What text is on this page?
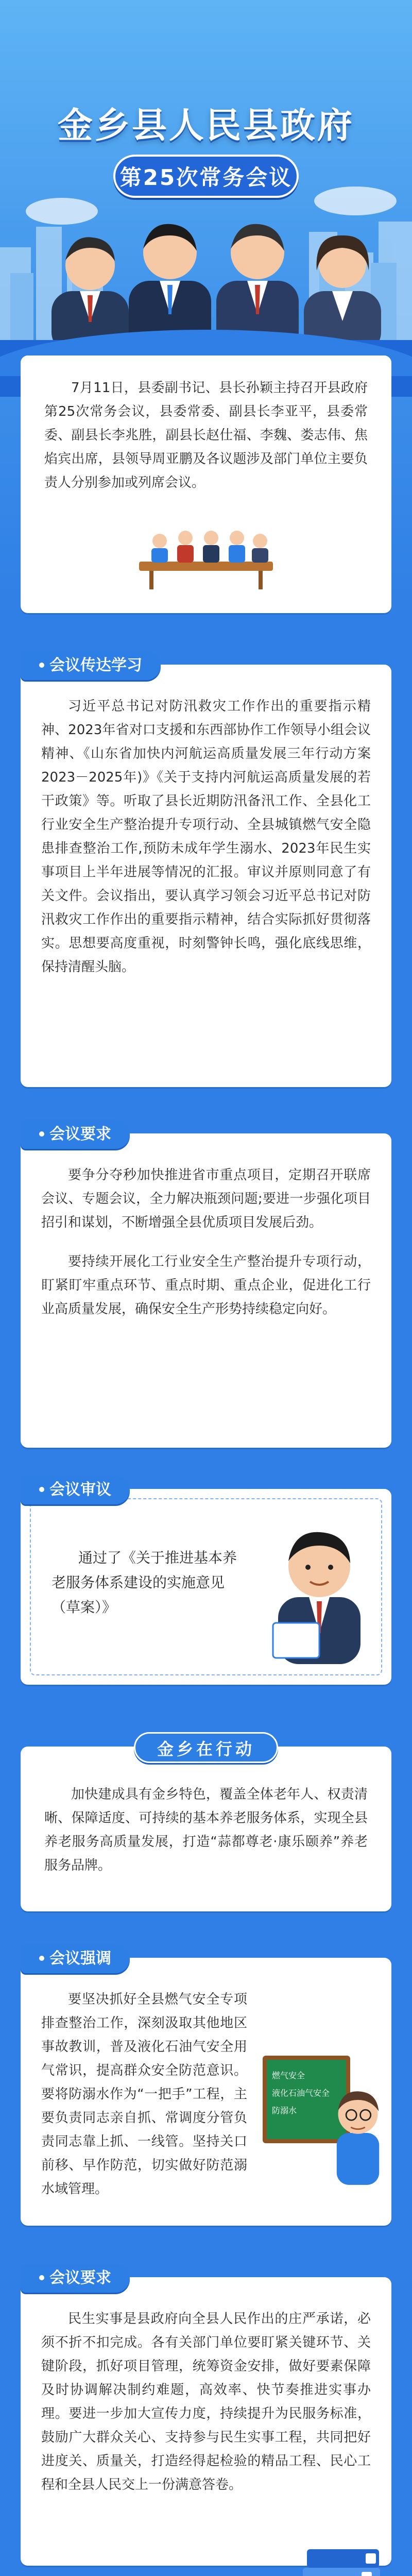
金乡县人民县政府
第25次常务会议

7月11日，县委副书记、县长孙颖主持召开县政府第25次常务会议，县委常委、副县长李亚平，县委常委、副县长李兆胜，副县长赵仕福、李魏、娄志伟、焦焰宾出席，县领导周亚鹏及各议题涉及部门单位主要负责人分别参加或列席会议。

会议传达学习

习近平总书记对防汛救灾工作作出的重要指示精神、2023年省对口支援和东西部协作工作领导小组会议精神、《山东省加快内河航运高质量发展三年行动方案2023－2025年)》《关于支持内河航运高质量发展的若干政策》等。听取了县长近期防汛备汛工作、全县化工行业安全生产整治提升专项行动、全县城镇燃气安全隐患排查整治工作,预防未成年学生溺水、2023年民生实事项目上半年进展等情况的汇报。审议并原则同意了有关文件。会议指出，要认真学习领会习近平总书记对防汛救灾工作作出的重要指示精神，结合实际抓好贯彻落实。思想要高度重视，时刻警钟长鸣，强化底线思维，保持清醒头脑。

会议要求

要争分夺秒加快推进省市重点项目，定期召开联席会议、专题会议，全力解决瓶颈问题;要进一步强化项目招引和谋划，不断增强全县优质项目发展后劲。

要持续开展化工行业安全生产整治提升专项行动，盯紧盯牢重点环节、重点时期、重点企业，促进化工行业高质量发展，确保安全生产形势持续稳定向好。

会议审议

通过了《关于推进基本养老服务体系建设的实施意见（草案）》

金乡在行动

加快建成具有金乡特色，覆盖全体老年人、权责清晰、保障适度、可持续的基本养老服务体系，实现全县养老服务高质量发展，打造“蒜都尊老·康乐颐养”养老服务品牌。

会议强调

要坚决抓好全县燃气安全专项排查整治工作，深刻汲取其他地区事故教训，普及液化石油气安全用气常识，提高群众安全防范意识。要将防溺水作为“一把手”工程，主要负责同志亲自抓、常调度分管负责同志靠上抓、一线管。坚持关口前移、早作防范，切实做好防范溺水域管理。

燃气安全
液化石油气安全
防溺水
会议要求

民生实事是县政府向全县人民作出的庄严承诺，必须不折不扣完成。各有关部门单位要盯紧关键环节、关键阶段，抓好项目管理，统筹资金安排，做好要素保障及时协调解决制约难题，高效率、快节奏推进实事办理。要进一步加大宣传力度，持续提升为民服务标准，鼓励广大群众关心、支持参与民生实事工程，共同把好进度关、质量关，打造经得起检验的精品工程、民心工程和全县人民交上一份满意答卷。
